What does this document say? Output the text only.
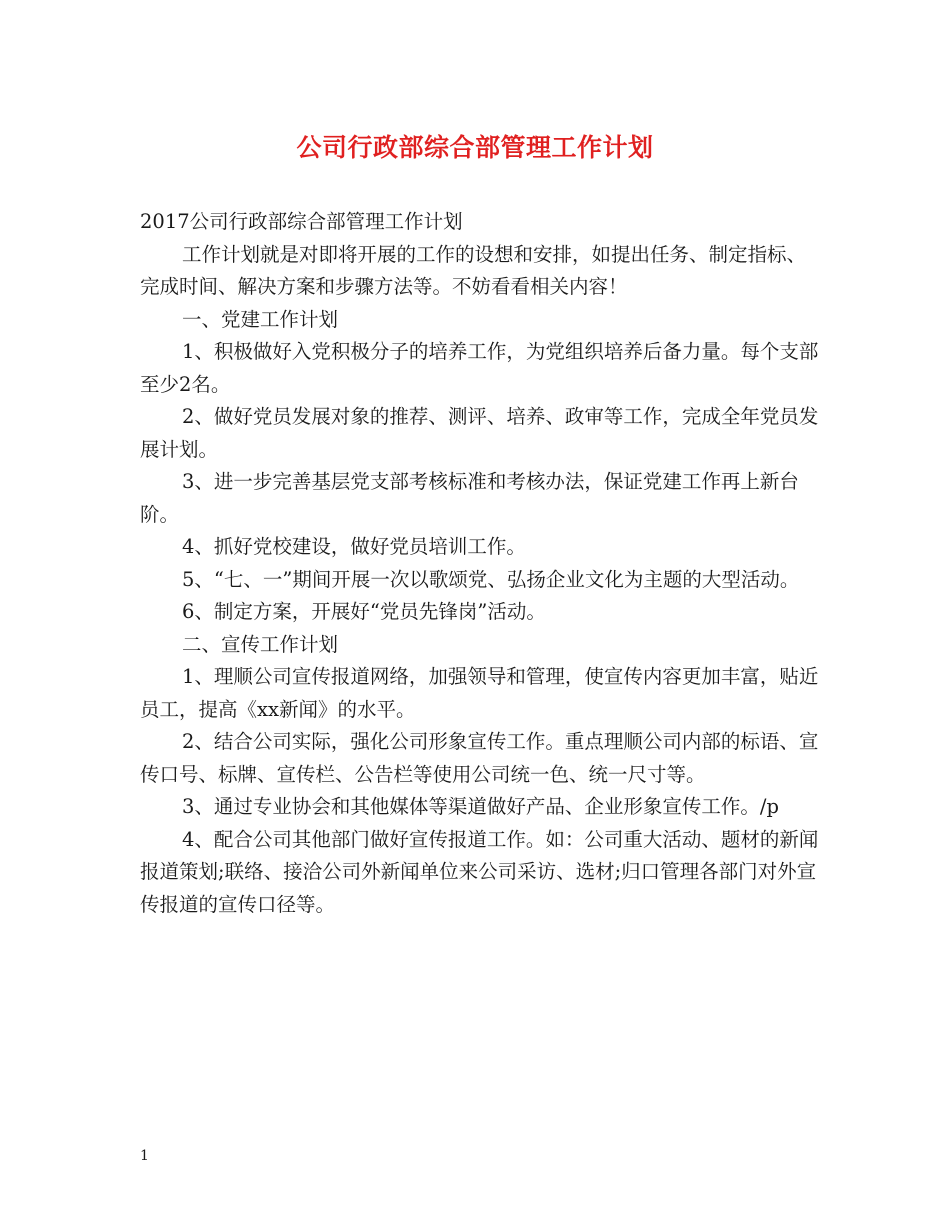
公司行政部综合部管理工作计划

2017公司行政部综合部管理工作计划

工作计划就是对即将开展的工作的设想和安排，如提出任务、制定指标、完成时间、解决方案和步骤方法等。不妨看看相关内容！

一、党建工作计划

1、积极做好入党积极分子的培养工作，为党组织培养后备力量。每个支部至少2名。

2、做好党员发展对象的推荐、测评、培养、政审等工作，完成全年党员发展计划。

3、进一步完善基层党支部考核标准和考核办法，保证党建工作再上新台阶。

4、抓好党校建设，做好党员培训工作。

5、“七、一”期间开展一次以歌颂党、弘扬企业文化为主题的大型活动。

6、制定方案，开展好“党员先锋岗”活动。

二、宣传工作计划

1、理顺公司宣传报道网络，加强领导和管理，使宣传内容更加丰富，贴近员工，提高《xx新闻》的水平。

2、结合公司实际，强化公司形象宣传工作。重点理顺公司内部的标语、宣传口号、标牌、宣传栏、公告栏等使用公司统一色、统一尺寸等。

3、通过专业协会和其他媒体等渠道做好产品、企业形象宣传工作。/p

4、配合公司其他部门做好宣传报道工作。如：公司重大活动、题材的新闻报道策划;联络、接洽公司外新闻单位来公司采访、选材;归口管理各部门对外宣传报道的宣传口径等。

1
